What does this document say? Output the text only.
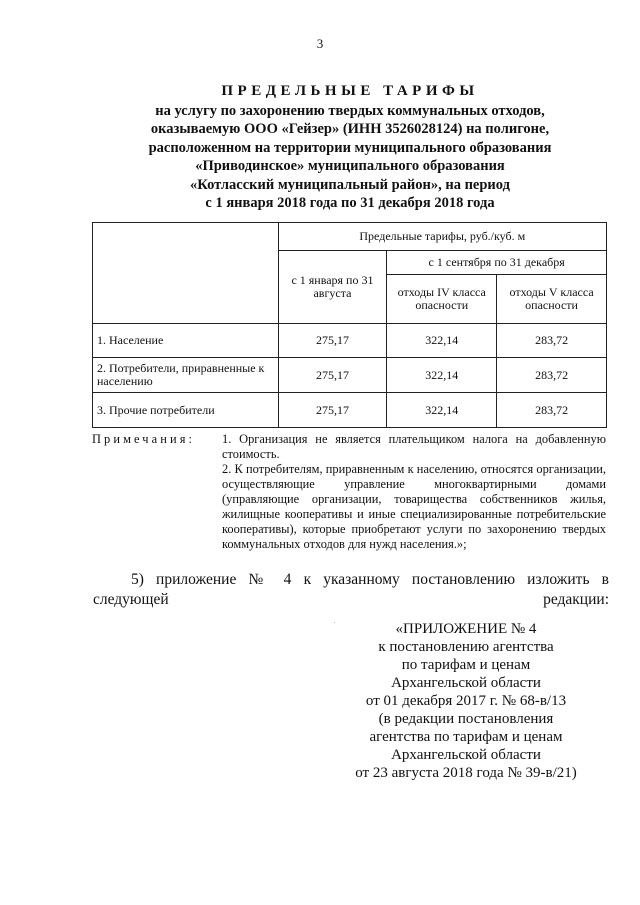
3
ПРЕДЕЛЬНЫЕ ТАРИФЫ
на услугу по захоронению твердых коммунальных отходов,
оказываемую ООО «Гейзер» (ИНН 3526028124) на полигоне,
расположенном на территории муниципального образования
«Приводинское» муниципального образования
«Котласский муниципальный район», на период
с 1 января 2018 года по 31 декабря 2018 года
	Предельные тарифы, руб./куб. м		
	с 1 января по 31 августа	с 1 сентября по 31 декабря	
		отходы IV класса опасности	отходы V класса опасности
1. Население	275,17	322,14	283,72
2. Потребители, приравненные к населению	275,17	322,14	283,72
3. Прочие потребители	275,17	322,14	283,72
Примечания: 1. Организация не является плательщиком налога на добавленную стоимость.

2. К потребителям, приравненным к населению, относятся организации, осуществляющие управление многоквартирными домами (управляющие организации, товарищества собственников жилья, жилищные кооперативы и иные специализированные потребительские кооперативы), которые приобретают услуги по захоронению твердых коммунальных отходов для нужд населения.»;

5) приложение № 4 к указанному постановлению изложить в следующей редакции:
«ПРИЛОЖЕНИЕ № 4
к постановлению агентства
по тарифам и ценам
Архангельской области
от 01 декабря 2017 г. № 68-в/13
(в редакции постановления
агентства по тарифам и ценам
Архангельской области
от 23 августа 2018 года № 39-в/21)
